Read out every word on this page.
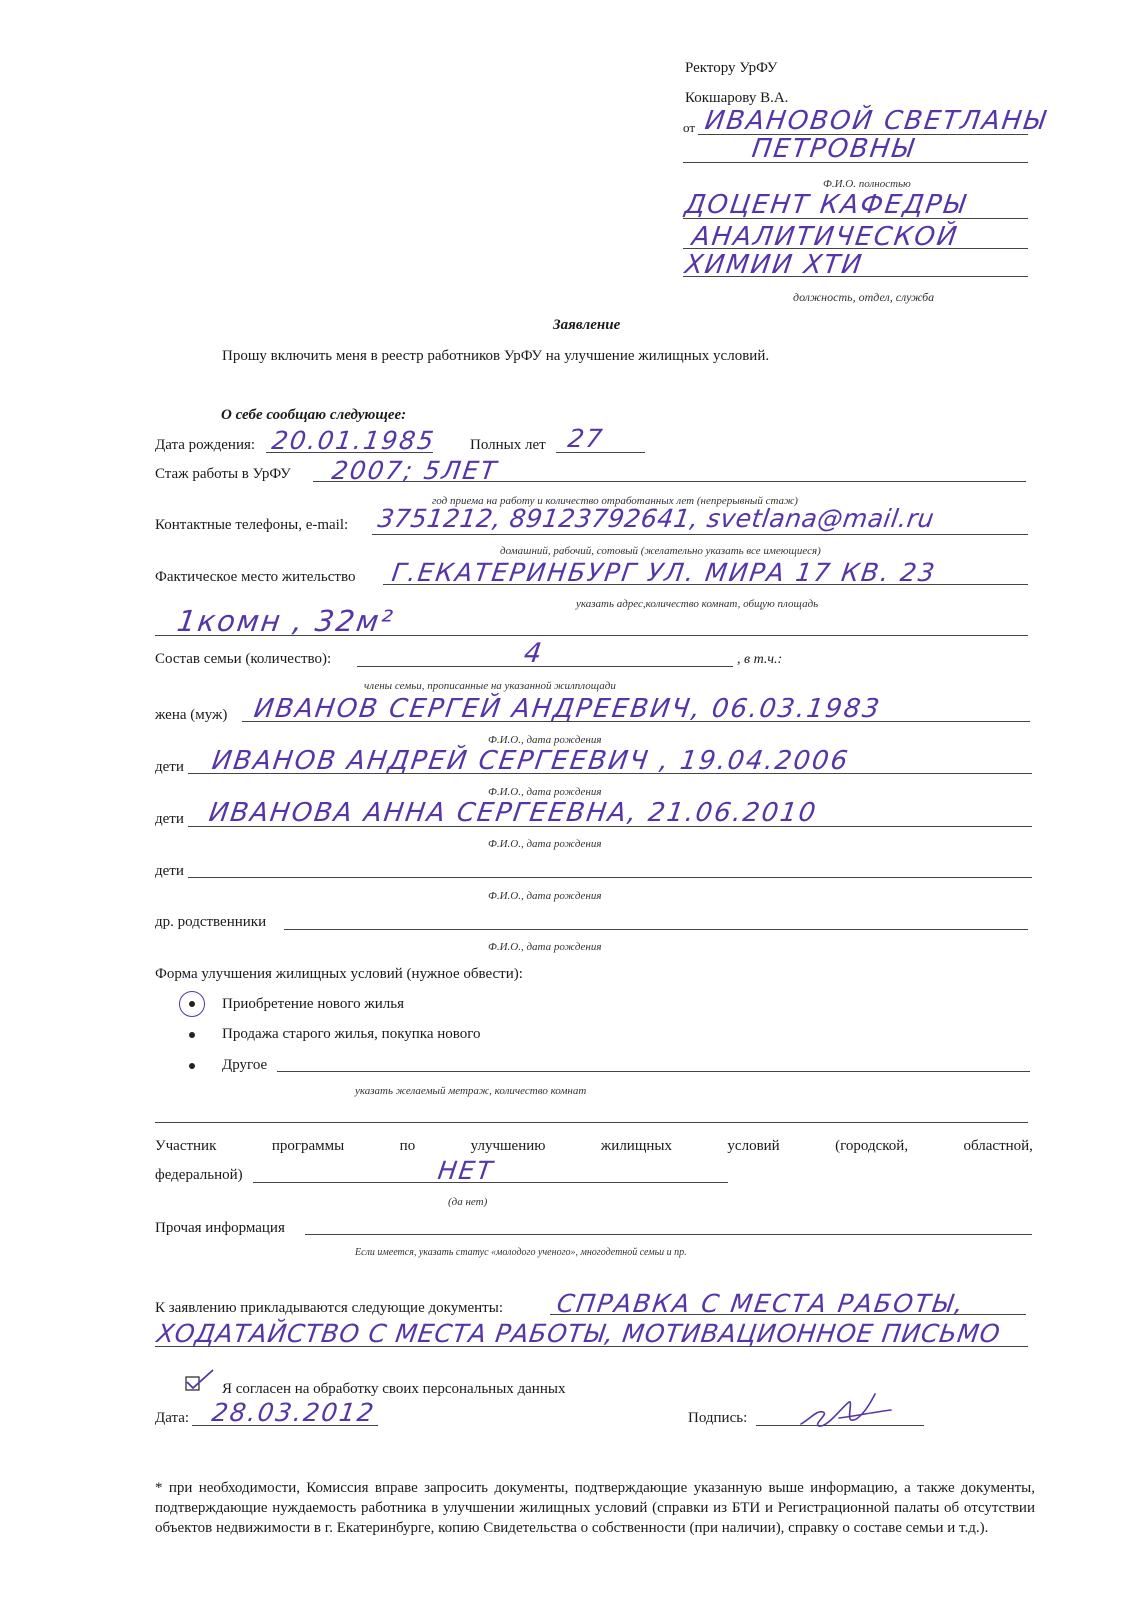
Ректору УрФУ
Кокшарову В.А.
от ИВАНОВОЙ СВЕТЛАНЫ
ПЕТРОВНЫ
Ф.И.О. полностью
ДОЦЕНТ КАФЕДРЫ
АНАЛИТИЧЕСКОЙ
ХИМИИ ХТИ
должность, отдел, служба
Заявление
Прошу включить меня в реестр работников УрФУ на улучшение жилищных условий.
О себе сообщаю следующее:
Дата рождения: 20.01.1985 Полных лет 27
Стаж работы в УрФУ 2007; 5ЛЕТ
год приема на работу и количество отработанных лет (непрерывный стаж)
Контактные телефоны, e-mail: 3751212, 89123792641, svetlana@mail.ru
домашний, рабочий, сотовый (желательно указать все имеющиеся)
Фактическое место жительство Г.ЕКАТЕРИНБУРГ УЛ. МИРА 17 КВ. 23
указать адрес,количество комнат, общую площадь
1комн , 32м²
Состав семьи (количество):	4	, в т.ч.:
члены семьи, прописанные на указанной жилплощади
жена (муж) ИВАНОВ СЕРГЕЙ АНДРЕЕВИЧ, 06.03.1983
Ф.И.О., дата рождения
дети ИВАНОВ АНДРЕЙ СЕРГЕЕВИЧ , 19.04.2006
Ф.И.О., дата рождения
дети ИВАНОВА АННА СЕРГЕЕВНА, 21.06.2010
Ф.И.О., дата рождения
дети
Ф.И.О., дата рождения
др. родственники
Ф.И.О., дата рождения
Форма улучшения жилищных условий (нужное обвести):
Приобретение нового жилья
Продажа старого жилья, покупка нового
Другое
указать желаемый метраж, количество комнат
Участник	программы	по	улучшению	жилищных	условий	(городской,	областной,
федеральной)	НЕТ
(да нет)
Прочая информация
Если имеется, указать статус «молодого ученого», многодетной семьи и пр.
К заявлению прикладываются следующие документы: СПРАВКА С МЕСТА РАБОТЫ,
ХОДАТАЙСТВО С МЕСТА РАБОТЫ, МОТИВАЦИОННОЕ ПИСЬМО
Я согласен на обработку своих персональных данных
Дата: 28.03.2012	Подпись:
* при необходимости, Комиссия вправе запросить документы, подтверждающие указанную выше информацию, а также документы, подтверждающие нуждаемость работника в улучшении жилищных условий (справки из БТИ и Регистрационной палаты об отсутствии объектов недвижимости в г. Екатеринбурге, копию Свидетельства о собственности (при наличии), справку о составе семьи и т.д.).
